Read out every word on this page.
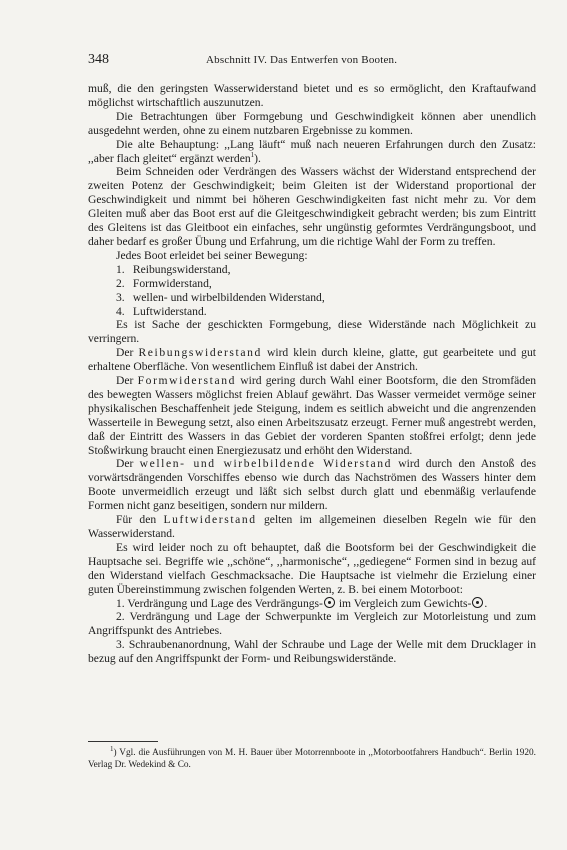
348	Abschnitt IV. Das Entwerfen von Booten.

muß, die den geringsten Wasserwiderstand bietet und es so ermöglicht, den Kraftaufwand möglichst wirtschaftlich auszunutzen.

Die Betrachtungen über Formgebung und Geschwindigkeit können aber unendlich ausgedehnt werden, ohne zu einem nutzbaren Ergebnisse zu kommen.

Die alte Behauptung: ,,Lang läuft“ muß nach neueren Erfahrungen durch den Zusatz: ,,aber flach gleitet“ ergänzt werden$^1$).

Beim Schneiden oder Verdrängen des Wassers wächst der Widerstand entsprechend der zweiten Potenz der Geschwindigkeit; beim Gleiten ist der Widerstand proportional der Geschwindigkeit und nimmt bei höheren Geschwindigkeiten fast nicht mehr zu. Vor dem Gleiten muß aber das Boot erst auf die Gleitgeschwindigkeit gebracht werden; bis zum Eintritt des Gleitens ist das Gleitboot ein einfaches, sehr ungünstig geformtes Verdrängungsboot, und daher bedarf es großer Übung und Erfahrung, um die richtige Wahl der Form zu treffen.

Jedes Boot erleidet bei seiner Bewegung:

1. Reibungswiderstand,
2. Formwiderstand,
3. wellen- und wirbelbildenden Widerstand,
4. Luftwiderstand.

Es ist Sache der geschickten Formgebung, diese Widerstände nach Möglichkeit zu verringern.

Der Reibungswiderstand wird klein durch kleine, glatte, gut gearbeitete und gut erhaltene Oberfläche. Von wesentlichem Einfluß ist dabei der Anstrich.

Der Formwiderstand wird gering durch Wahl einer Bootsform, die den Stromfäden des bewegten Wassers möglichst freien Ablauf gewährt. Das Wasser vermeidet vermöge seiner physikalischen Beschaffenheit jede Steigung, indem es seitlich abweicht und die angrenzenden Wasserteile in Bewegung setzt, also einen Arbeitszusatz erzeugt. Ferner muß angestrebt werden, daß der Eintritt des Wassers in das Gebiet der vorderen Spanten stoßfrei erfolgt; denn jede Stoßwirkung braucht einen Energiezusatz und erhöht den Widerstand.

Der wellen- und wirbelbildende Widerstand wird durch den Anstoß des vorwärtsdrängenden Vorschiffes ebenso wie durch das Nachströmen des Wassers hinter dem Boote unvermeidlich erzeugt und läßt sich selbst durch glatt und ebenmäßig verlaufende Formen nicht ganz beseitigen, sondern nur mildern.

Für den Luftwiderstand gelten im allgemeinen dieselben Regeln wie für den Wasserwiderstand.

Es wird leider noch zu oft behauptet, daß die Bootsform bei der Geschwindigkeit die Hauptsache sei. Begriffe wie ,,schöne“, ,,harmonische“, ,,gediegene“ Formen sind in bezug auf den Widerstand vielfach Geschmacksache. Die Hauptsache ist vielmehr die Erzielung einer guten Übereinstimmung zwischen folgenden Werten, z. B. bei einem Motorboot:

1. Verdrängung und Lage des Verdrängungs- im Vergleich zum Gewichts- .

2. Verdrängung und Lage der Schwerpunkte im Vergleich zur Motorleistung und zum Angriffspunkt des Antriebes.

3. Schraubenanordnung, Wahl der Schraube und Lage der Welle mit dem Drucklager in bezug auf den Angriffspunkt der Form- und Reibungswiderstände.

$^1$) Vgl. die Ausführungen von M. H. Bauer über Motorrennboote in ,,Motorbootfahrers Handbuch“. Berlin 1920. Verlag Dr. Wedekind & Co.
